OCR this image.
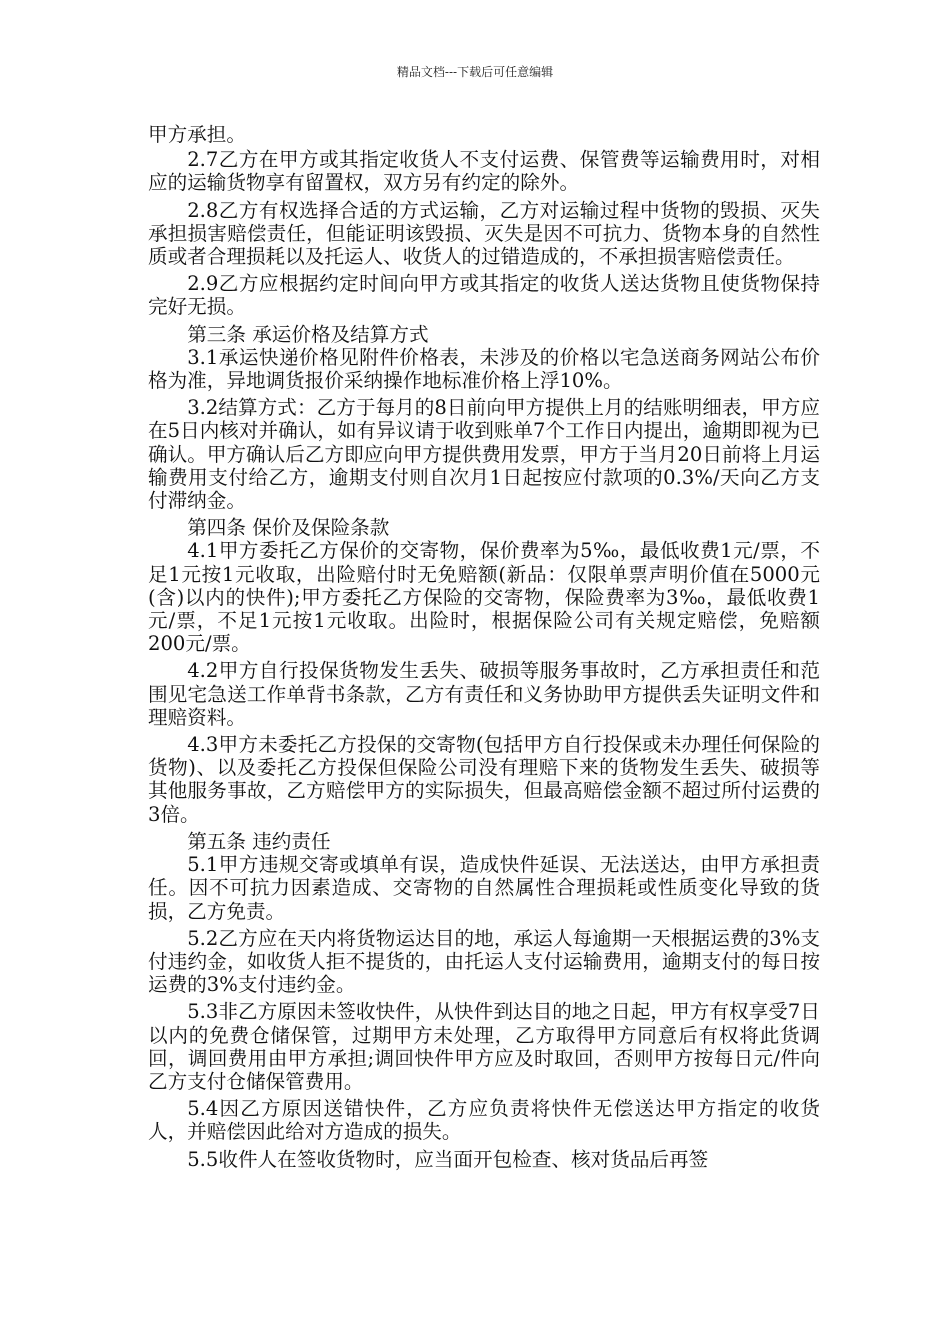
精品文档---下载后可任意编辑

甲方承担。

2.7乙方在甲方或其指定收货人不支付运费、保管费等运输费用时，对相应的运输货物享有留置权，双方另有约定的除外。

2.8乙方有权选择合适的方式运输，乙方对运输过程中货物的毁损、灭失承担损害赔偿责任，但能证明该毁损、灭失是因不可抗力、货物本身的自然性质或者合理损耗以及托运人、收货人的过错造成的，不承担损害赔偿责任。

2.9乙方应根据约定时间向甲方或其指定的收货人送达货物且使货物保持完好无损。

第三条 承运价格及结算方式

3.1承运快递价格见附件价格表，未涉及的价格以宅急送商务网站公布价格为准，异地调货报价采纳操作地标准价格上浮10%。

3.2结算方式：乙方于每月的8日前向甲方提供上月的结账明细表，甲方应在5日内核对并确认，如有异议请于收到账单7个工作日内提出，逾期即视为已确认。甲方确认后乙方即应向甲方提供费用发票，甲方于当月20日前将上月运输费用支付给乙方，逾期支付则自次月1日起按应付款项的0.3%/天向乙方支付滞纳金。

第四条 保价及保险条款

4.1甲方委托乙方保价的交寄物，保价费率为5‰，最低收费1元/票，不足1元按1元收取，出险赔付时无免赔额(新品：仅限单票声明价值在5000元(含)以内的快件);甲方委托乙方保险的交寄物，保险费率为3‰，最低收费1元/票，不足1元按1元收取。出险时，根据保险公司有关规定赔偿，免赔额200元/票。

4.2甲方自行投保货物发生丢失、破损等服务事故时，乙方承担责任和范围见宅急送工作单背书条款，乙方有责任和义务协助甲方提供丢失证明文件和理赔资料。

4.3甲方未委托乙方投保的交寄物(包括甲方自行投保或未办理任何保险的货物)、以及委托乙方投保但保险公司没有理赔下来的货物发生丢失、破损等其他服务事故，乙方赔偿甲方的实际损失，但最高赔偿金额不超过所付运费的3倍。

第五条 违约责任

5.1甲方违规交寄或填单有误，造成快件延误、无法送达，由甲方承担责任。因不可抗力因素造成、交寄物的自然属性合理损耗或性质变化导致的货损，乙方免责。

5.2乙方应在天内将货物运达目的地，承运人每逾期一天根据运费的3%支付违约金，如收货人拒不提货的，由托运人支付运输费用，逾期支付的每日按运费的3%支付违约金。

5.3非乙方原因未签收快件，从快件到达目的地之日起，甲方有权享受7日以内的免费仓储保管，过期甲方未处理，乙方取得甲方同意后有权将此货调回，调回费用由甲方承担;调回快件甲方应及时取回，否则甲方按每日元/件向乙方支付仓储保管费用。

5.4因乙方原因送错快件，乙方应负责将快件无偿送达甲方指定的收货人，并赔偿因此给对方造成的损失。

5.5收件人在签收货物时，应当面开包检查、核对货品后再签
